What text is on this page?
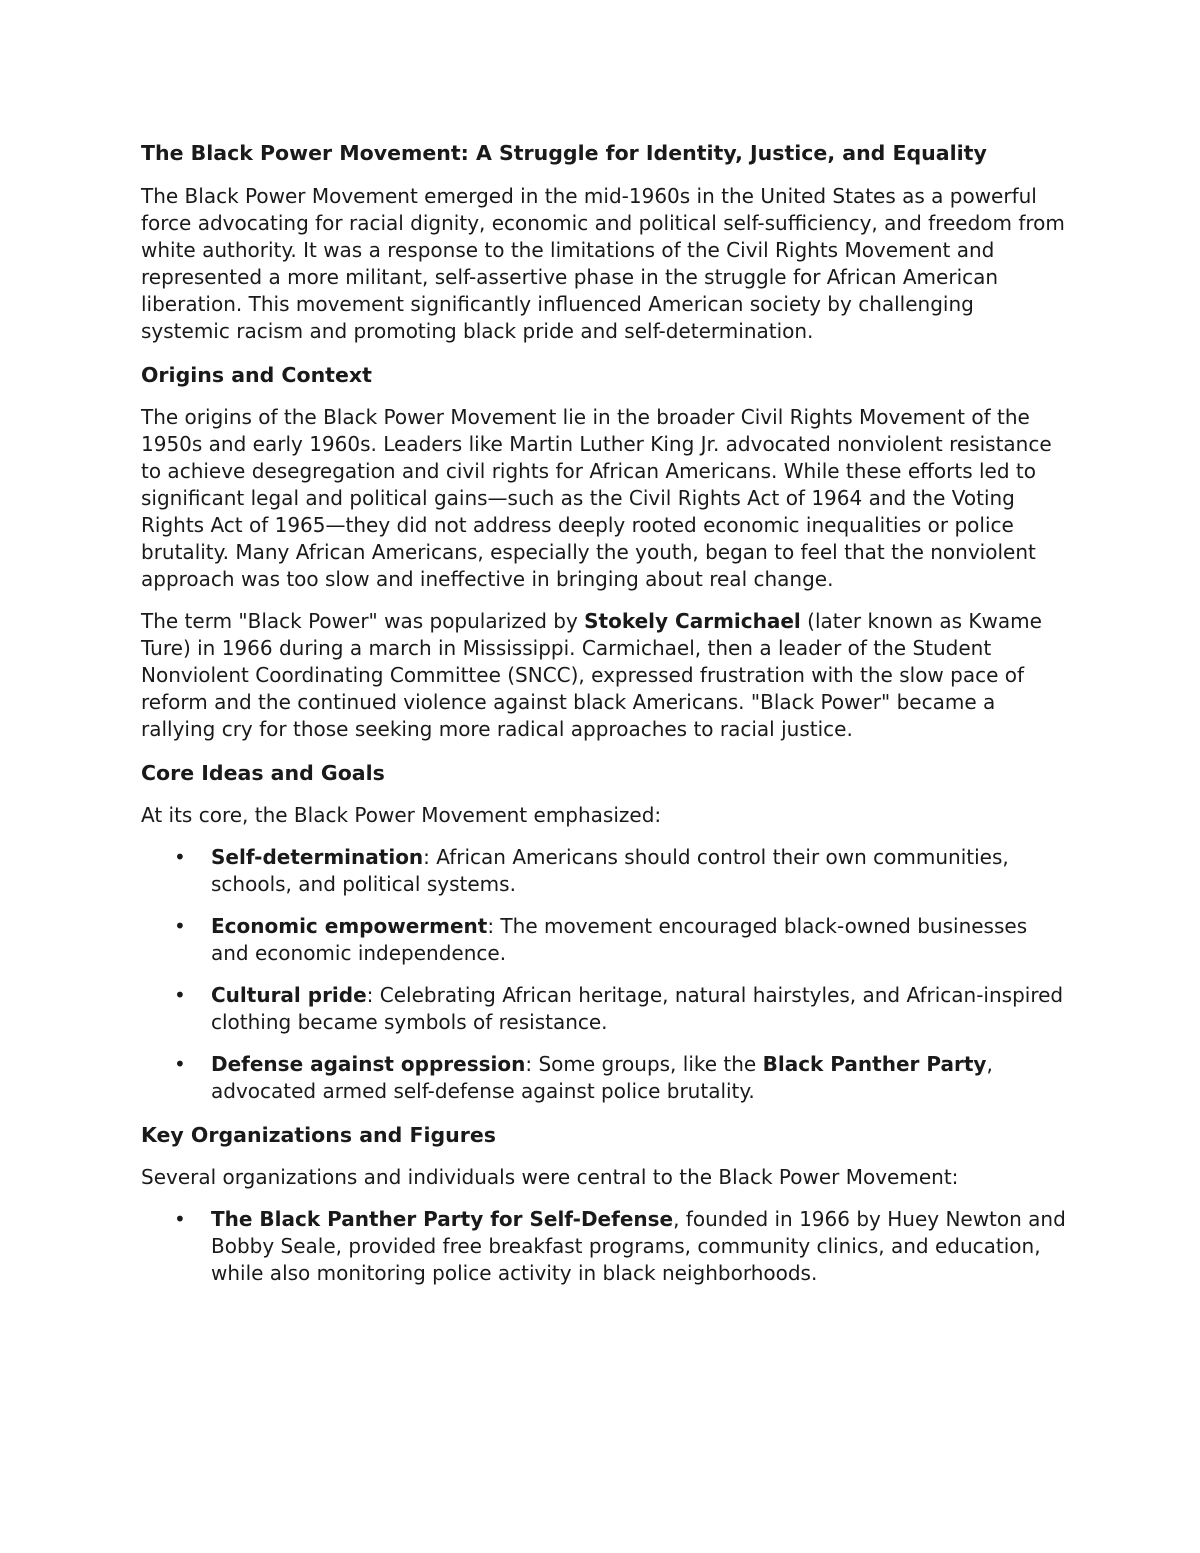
The Black Power Movement: A Struggle for Identity, Justice, and Equality

The Black Power Movement emerged in the mid-1960s in the United States as a powerful force advocating for racial dignity, economic and political self-sufficiency, and freedom from white authority. It was a response to the limitations of the Civil Rights Movement and represented a more militant, self-assertive phase in the struggle for African American liberation. This movement significantly influenced American society by challenging systemic racism and promoting black pride and self-determination.

Origins and Context

The origins of the Black Power Movement lie in the broader Civil Rights Movement of the 1950s and early 1960s. Leaders like Martin Luther King Jr. advocated nonviolent resistance to achieve desegregation and civil rights for African Americans. While these efforts led to significant legal and political gains—such as the Civil Rights Act of 1964 and the Voting Rights Act of 1965—they did not address deeply rooted economic inequalities or police brutality. Many African Americans, especially the youth, began to feel that the nonviolent approach was too slow and ineffective in bringing about real change.

The term "Black Power" was popularized by Stokely Carmichael (later known as Kwame Ture) in 1966 during a march in Mississippi. Carmichael, then a leader of the Student Nonviolent Coordinating Committee (SNCC), expressed frustration with the slow pace of reform and the continued violence against black Americans. "Black Power" became a rallying cry for those seeking more radical approaches to racial justice.

Core Ideas and Goals

At its core, the Black Power Movement emphasized:

• Self-determination: African Americans should control their own communities, schools, and political systems.
• Economic empowerment: The movement encouraged black-owned businesses and economic independence.
• Cultural pride: Celebrating African heritage, natural hairstyles, and African-inspired clothing became symbols of resistance.
• Defense against oppression: Some groups, like the Black Panther Party, advocated armed self-defense against police brutality.
Key Organizations and Figures

Several organizations and individuals were central to the Black Power Movement:

• The Black Panther Party for Self-Defense, founded in 1966 by Huey Newton and Bobby Seale, provided free breakfast programs, community clinics, and education, while also monitoring police activity in black neighborhoods.
